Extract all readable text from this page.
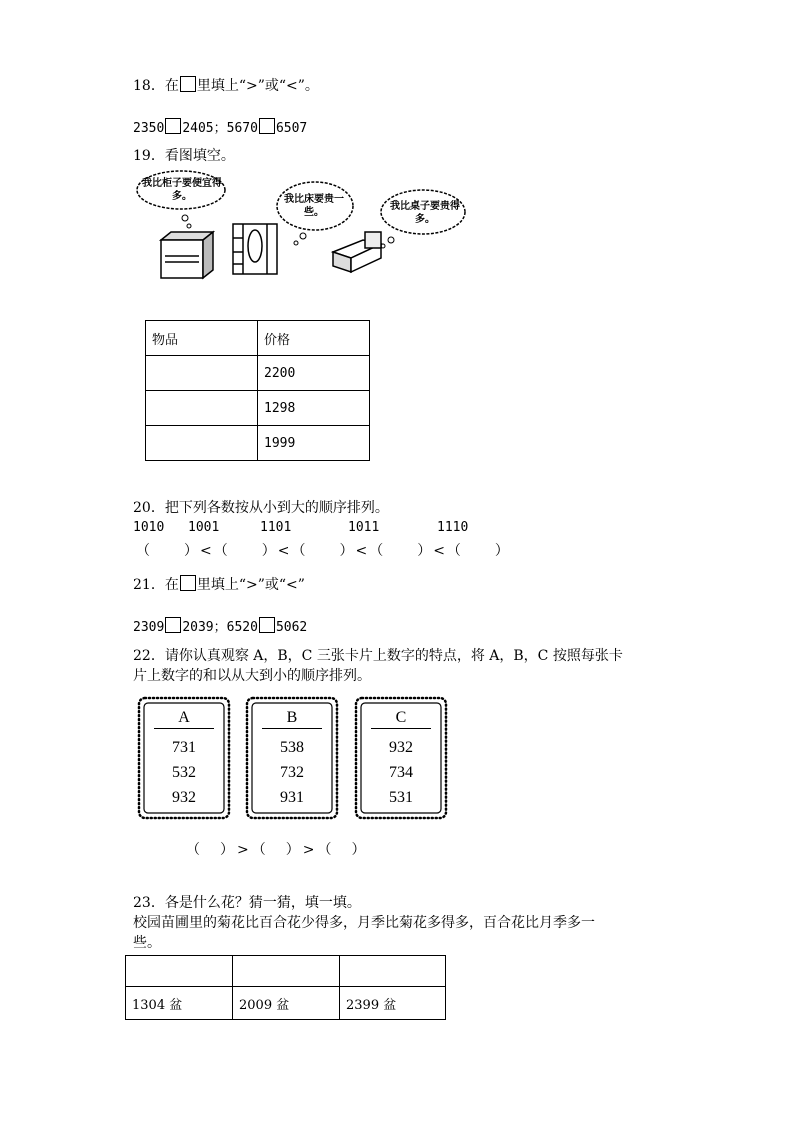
18．在 里填上“>”或“<”。
2350 2405；5670 6507
19．看图填空。
我比柜子要便宜得多。	我比床要贵一些。
我比桌子要贵得多。
物品	价格
	2200
	1298
	1999
20．把下列各数按从小到大的顺序排列。
1010 1001	1101	1011	1110
（　　）<（　　）<（　　）<（　　）<（　　）
21．在 里填上“>”或“<”
2309 2039；6520 5062
22．请你认真观察 A，B，C 三张卡片上数字的特点，将 A，B，C 按照每张卡
片上数字的和以从大到小的顺序排列。
A
731
532
932
B
538
732
931
C
932
734
531
（　）>（　）>（　）
23．各是什么花？猜一猜，填一填。
校园苗圃里的菊花比百合花少得多，月季比菊花多得多，百合花比月季多一
些。

1304 盆	2009 盆	2399 盆
